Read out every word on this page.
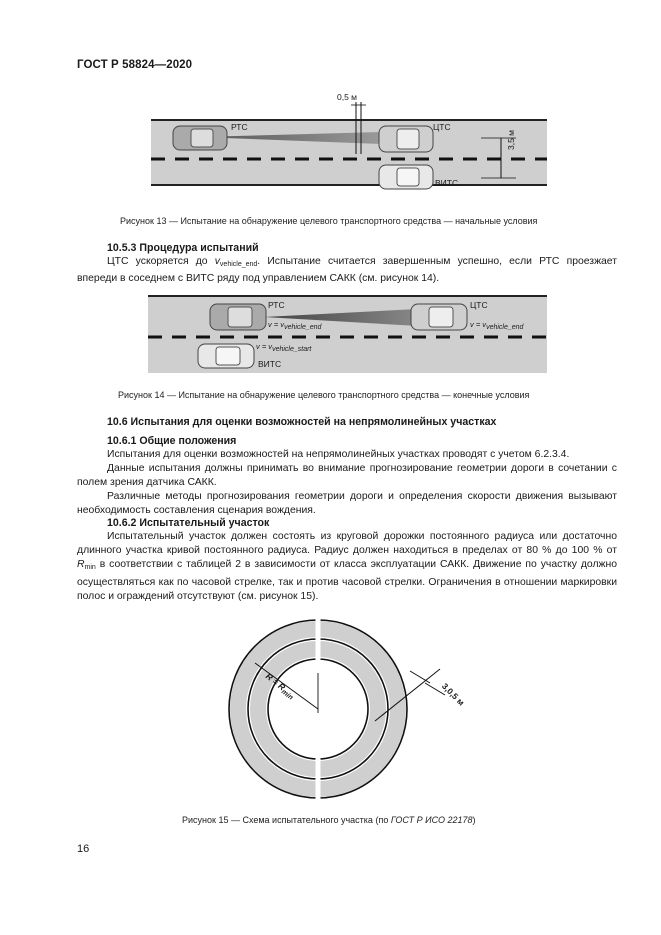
ГОСТ Р 58824—2020
0,5 м
РТС	ЦТС
ВИТС
3,5 м
Рисунок 13 — Испытание на обнаружение целевого транспортного средства — начальные условия
10.5.3 Процедура испытаний
ЦТС ускоряется до $v_{vehicle\_end}$. Испытание считается завершенным успешно, если РТС проезжает впереди в соседнем с ВИТС ряду под управлением САКК (см. рисунок 14).
РТС	ЦТС
ВИТС
$v = v_{vehicle\_end}$	$v = v_{vehicle\_end}$
$v = v_{vehicle\_start}$
Рисунок 14 — Испытание на обнаружение целевого транспортного средства — конечные условия
10.6 Испытания для оценки возможностей на непрямолинейных участках
10.6.1 Общие положения
Испытания для оценки возможностей на непрямолинейных участках проводят с учетом 6.2.3.4.
Данные испытания должны принимать во внимание прогнозирование геометрии дороги в сочетании с полем зрения датчика САКК.
Различные методы прогнозирования геометрии дороги и определения скорости движения вызывают необходимость составления сценария вождения.
10.6.2 Испытательный участок
Испытательный участок должен состоять из круговой дорожки постоянного радиуса или достаточно длинного участка кривой постоянного радиуса. Радиус должен находиться в пределах от 80 % до 100 % от $R_{min}$ в соответствии с таблицей 2 в зависимости от класса эксплуатации САКК. Движение по участку должно осуществляться как по часовой стрелке, так и против часовой стрелки. Ограничения в отношении маркировки полос и ограждений отсутствуют (см. рисунок 15).
$R = R_{min}$	3,0,5 м
Рисунок 15 — Схема испытательного участка (по ГОСТ Р ИСО 22178)
16
